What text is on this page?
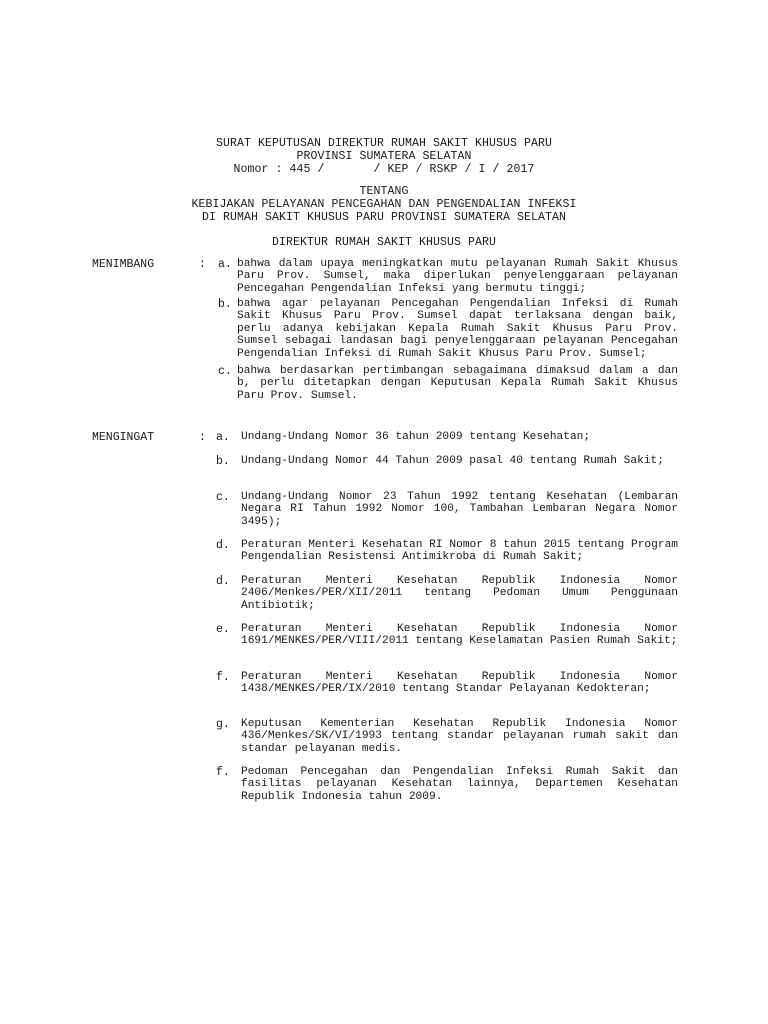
SURAT KEPUTUSAN DIREKTUR RUMAH SAKIT KHUSUS PARU
PROVINSI SUMATERA SELATAN
Nomor : 445 /       / KEP / RSKP / I / 2017
TENTANG
KEBIJAKAN PELAYANAN PENCEGAHAN DAN PENGENDALIAN INFEKSI
DI RUMAH SAKIT KHUSUS PARU PROVINSI SUMATERA SELATAN
DIREKTUR RUMAH SAKIT KHUSUS PARU
MENIMBANG	: a. bahwa dalam upaya meningkatkan mutu pelayanan Rumah Sakit Khusus Paru Prov. Sumsel, maka diperlukan penyelenggaraan pelayanan Pencegahan Pengendalian Infeksi yang bermutu tinggi;
b. bahwa agar pelayanan Pencegahan Pengendalian Infeksi di Rumah Sakit Khusus Paru Prov. Sumsel dapat terlaksana dengan baik, perlu adanya kebijakan Kepala Rumah Sakit Khusus Paru Prov. Sumsel sebagai landasan bagi penyelenggaraan pelayanan Pencegahan Pengendalian Infeksi di Rumah Sakit Khusus Paru Prov. Sumsel;
c. bahwa berdasarkan pertimbangan sebagaimana dimaksud dalam a dan b, perlu ditetapkan dengan Keputusan Kepala Rumah Sakit Khusus Paru Prov. Sumsel.
MENGINGAT	: a. Undang-Undang Nomor 36 tahun 2009 tentang Kesehatan;
b. Undang-Undang Nomor 44 Tahun 2009 pasal 40 tentang Rumah Sakit;
c. Undang-Undang Nomor 23 Tahun 1992 tentang Kesehatan (Lembaran Negara RI Tahun 1992 Nomor 100, Tambahan Lembaran Negara Nomor 3495);
d. Peraturan Menteri Kesehatan RI Nomor 8 tahun 2015 tentang Program Pengendalian Resistensi Antimikroba di Rumah Sakit;
d. Peraturan Menteri Kesehatan Republik Indonesia Nomor 2406/Menkes/PER/XII/2011 tentang Pedoman Umum Penggunaan Antibiotik;
e. Peraturan Menteri Kesehatan Republik Indonesia Nomor 1691/MENKES/PER/VIII/2011 tentang Keselamatan Pasien Rumah Sakit;
f. Peraturan Menteri Kesehatan Republik Indonesia Nomor 1438/MENKES/PER/IX/2010 tentang Standar Pelayanan Kedokteran;
g. Keputusan Kementerian Kesehatan Republik Indonesia Nomor 436/Menkes/SK/VI/1993 tentang standar pelayanan rumah sakit dan standar pelayanan medis.
f. Pedoman Pencegahan dan Pengendalian Infeksi Rumah Sakit dan fasilitas pelayanan Kesehatan lainnya, Departemen Kesehatan Republik Indonesia tahun 2009.
